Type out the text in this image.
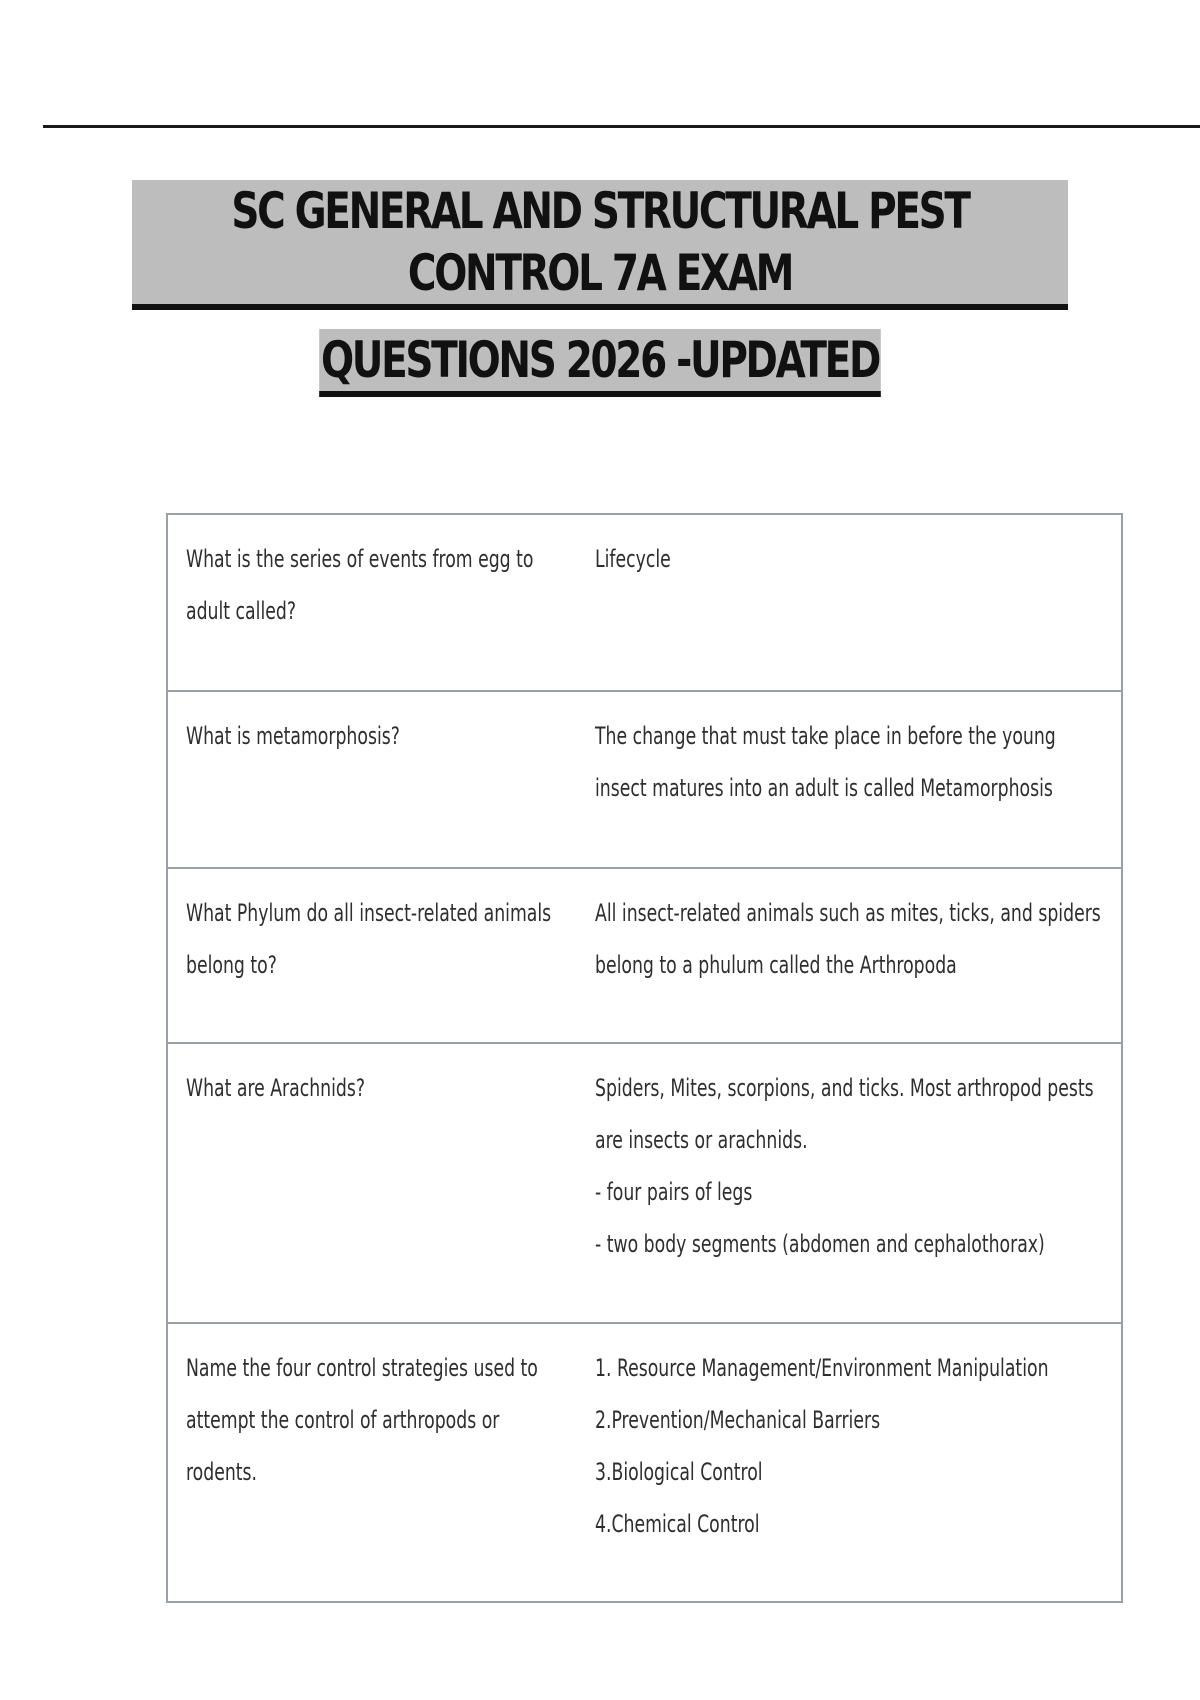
SC GENERAL AND STRUCTURAL PEST CONTROL 7A EXAM
QUESTIONS 2026 -UPDATED
What is the series of events from egg to adult called?	Lifecycle

What is metamorphosis?	The change that must take place in before the young insect matures into an adult is called Metamorphosis

What Phylum do all insect-related animals belong to?	All insect-related animals such as mites, ticks, and spiders belong to a phulum called the Arthropoda

What are Arachnids?	Spiders, Mites, scorpions, and ticks. Most arthropod pests are insects or arachnids.
- four pairs of legs
- two body segments (abdomen and cephalothorax)

Name the four control strategies used to attempt the control of arthropods or rodents.	1. Resource Management/Environment Manipulation
2.Prevention/Mechanical Barriers
3.Biological Control
4.Chemical Control
